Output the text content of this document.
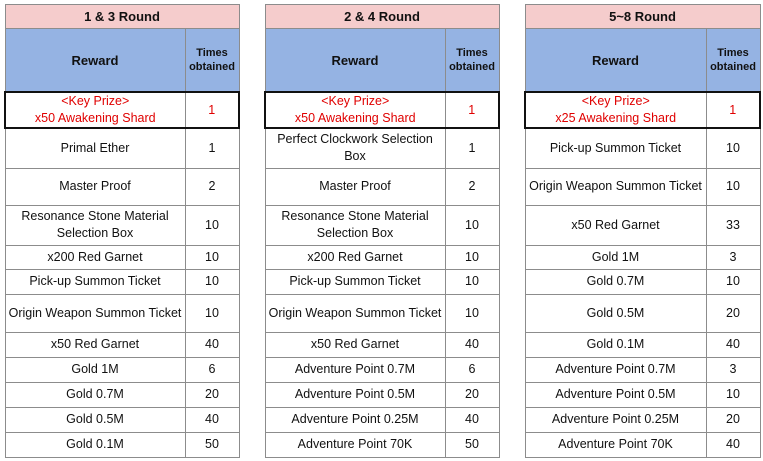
1 & 3 Round	
Reward	Times
obtained

<Key Prize>
x50 Awakening Shard	1
Primal Ether	1
Master Proof	2
Resonance Stone Material Selection Box	10
x200 Red Garnet	10
Pick-up Summon Ticket	10
Origin Weapon Summon Ticket	10
x50 Red Garnet	40
Gold 1M	6
Gold 0.7M	20
Gold 0.5M	40
Gold 0.1M	50
2 & 4 Round	
Reward	Times
obtained

<Key Prize>
x50 Awakening Shard	1
Perfect Clockwork Selection Box	1
Master Proof	2
Resonance Stone Material Selection Box	10
x200 Red Garnet	10
Pick-up Summon Ticket	10
Origin Weapon Summon Ticket	10
x50 Red Garnet	40
Adventure Point 0.7M	6
Adventure Point 0.5M	20
Adventure Point 0.25M	40
Adventure Point 70K	50
5~8 Round	
Reward	Times
obtained

<Key Prize>
x25 Awakening Shard	1
Pick-up Summon Ticket	10
Origin Weapon Summon Ticket	10
x50 Red Garnet	33
Gold 1M	3
Gold 0.7M	10
Gold 0.5M	20
Gold 0.1M	40
Adventure Point 0.7M	3
Adventure Point 0.5M	10
Adventure Point 0.25M	20
Adventure Point 70K	40
